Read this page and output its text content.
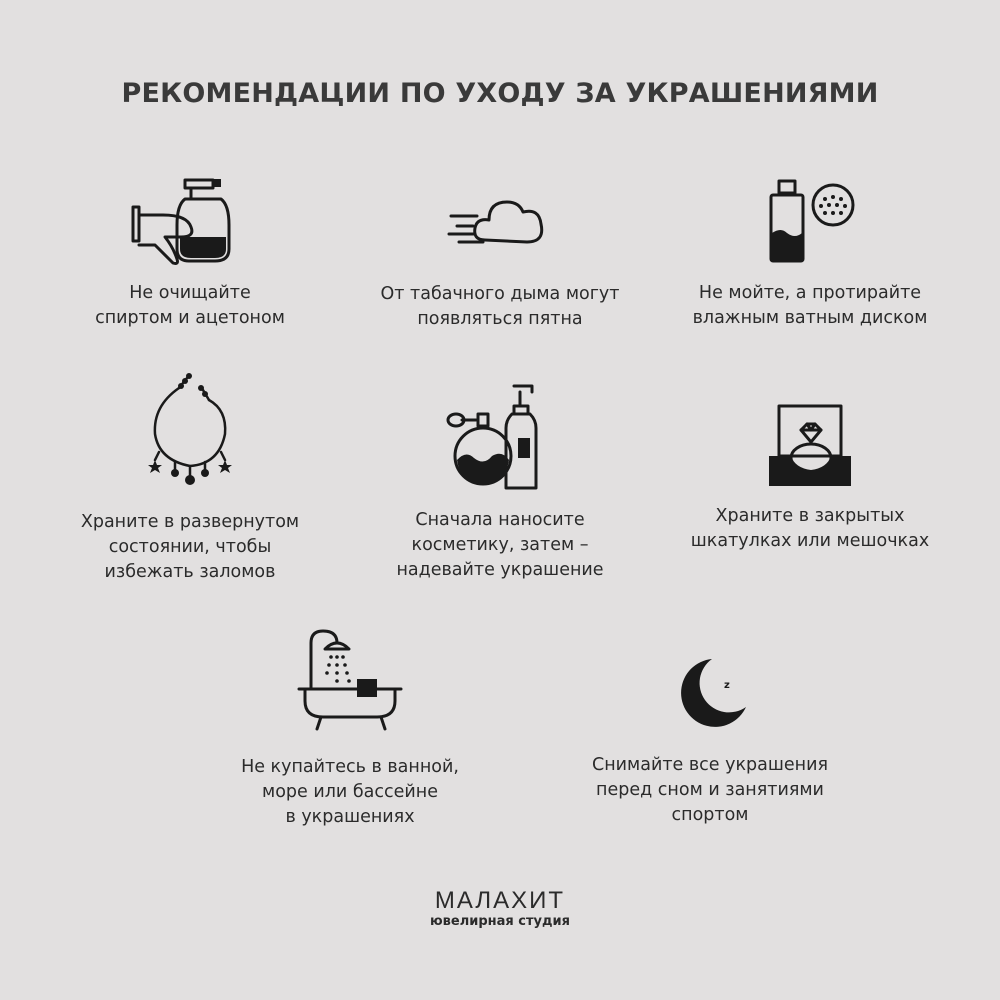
РЕКОМЕНДАЦИИ ПО УХОДУ ЗА УКРАШЕНИЯМИ
Не очищайте
спиртом и ацетоном
От табачного дыма могут
появляться пятна
Не мойте, а протирайте
влажным ватным диском
Храните в развернутом
состоянии, чтобы
избежать заломов
Сначала наносите
косметику, затем –
надевайте украшение
Храните в закрытых
шкатулках или мешочках
Не купайтесь в ванной,
море или бассейне
в украшениях
z z
Снимайте все украшения
перед сном и занятиями
спортом
МАЛАХИТ
ювелирная студия
